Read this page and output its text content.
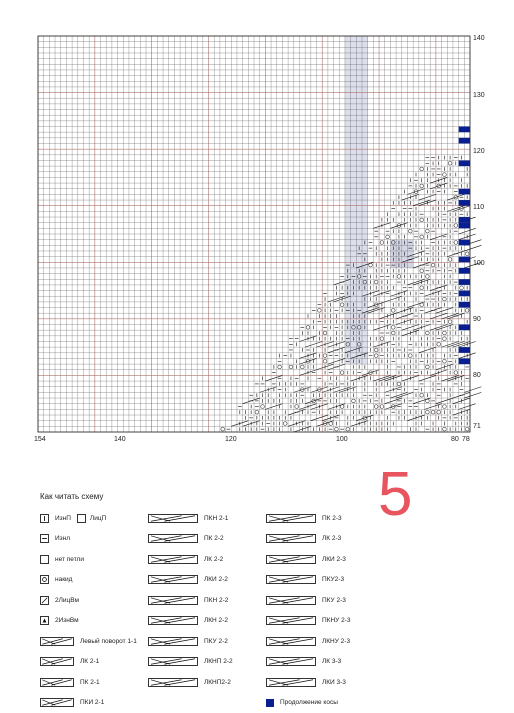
140
130
120
110
100
90
80
71
154	140	120	100	80 78
5
Как читать схему
ИзнП	ЛицП
Изнл
нет петли
накид
2ЛицВм
2ИзнВм
Левый поворот 1-1
ЛК 2-1
ПК 2-1
ПКИ 2-1
ПКН 2-1
ПК 2-2
ЛК 2-2
ЛКИ 2-2
ПКН 2-2
ЛКН 2-2
ПКУ 2-2
ЛКНП 2-2
ЛКНП2-2
ПК 2-3
ЛК 2-3
ЛКИ 2-3
ПКУ2-3
ПКУ 2-3
ПКНУ 2-3
ЛКНУ 2-3
ЛК 3-3
ЛКИ 3-3
Продолжение косы
